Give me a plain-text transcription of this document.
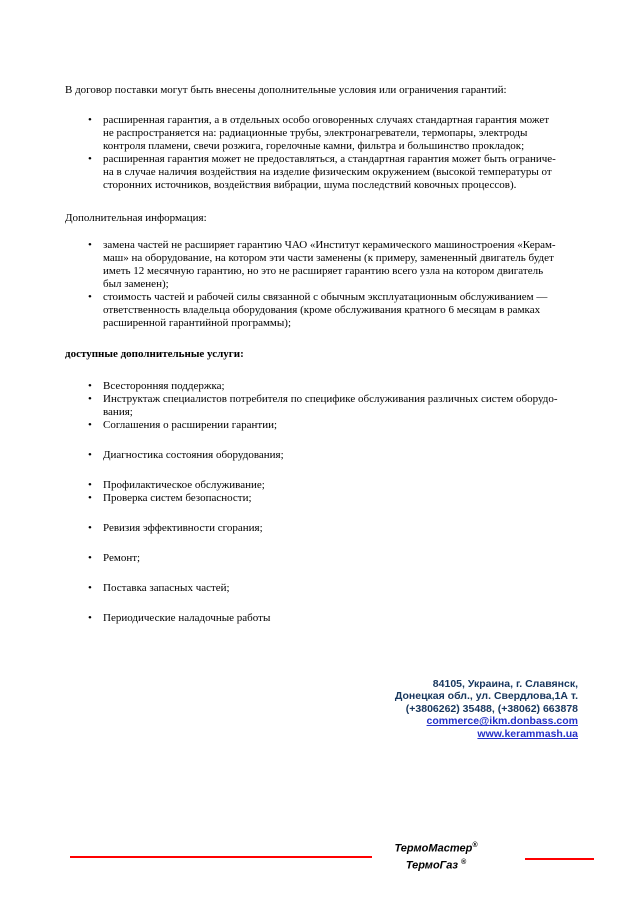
В договор поставки могут быть внесены дополнительные условия или ограничения гарантий:

• расширенная гарантия, а в отдельных особо оговоренных случаях стандартная гарантия может
не распространяется на: радиационные трубы, электронагреватели, термопары, электроды
контроля пламени, свечи розжига, горелочные камни, фильтра и большинство прокладок;
• расширенная гарантия может не предоставляться, а стандартная гарантия может быть ограниче-
на в случае наличия воздействия на изделие физическим окружением (высокой температуры от
сторонних источников, воздействия вибрации, шума последствий ковочных процессов).

Дополнительная информация:

• замена частей не расширяет гарантию ЧАО «Институт керамического машиностроения «Керам-
маш» на оборудование, на котором эти части заменены (к примеру, замененный двигатель будет
иметь 12 месячную гарантию, но это не расширяет гарантию всего узла на котором двигатель
был заменен);
• стоимость частей и рабочей силы связанной с обычным эксплуатационным обслуживанием —
ответственность владельца оборудования (кроме обслуживания кратного 6 месяцам в рамках
расширенной гарантийной программы);

доступные дополнительные услуги:

• Всесторонняя поддержка;
• Инструктаж специалистов потребителя по специфике обслуживания различных систем оборудо-
вания;
• Соглашения о расширении гарантии;
• Диагностика состояния оборудования;
• Профилактическое обслуживание;
• Проверка систем безопасности;
• Ревизия эффективности сгорания;
• Ремонт;
• Поставка запасных частей;
• Периодические наладочные работы
84105, Украина, г. Славянск,
Донецкая обл., ул. Свердлова,1А т.
(+3806262) 35488, (+38062) 663878
commerce@ikm.donbass.com
www.kerammash.ua
ТермоМастер®
ТермоГаз ®
